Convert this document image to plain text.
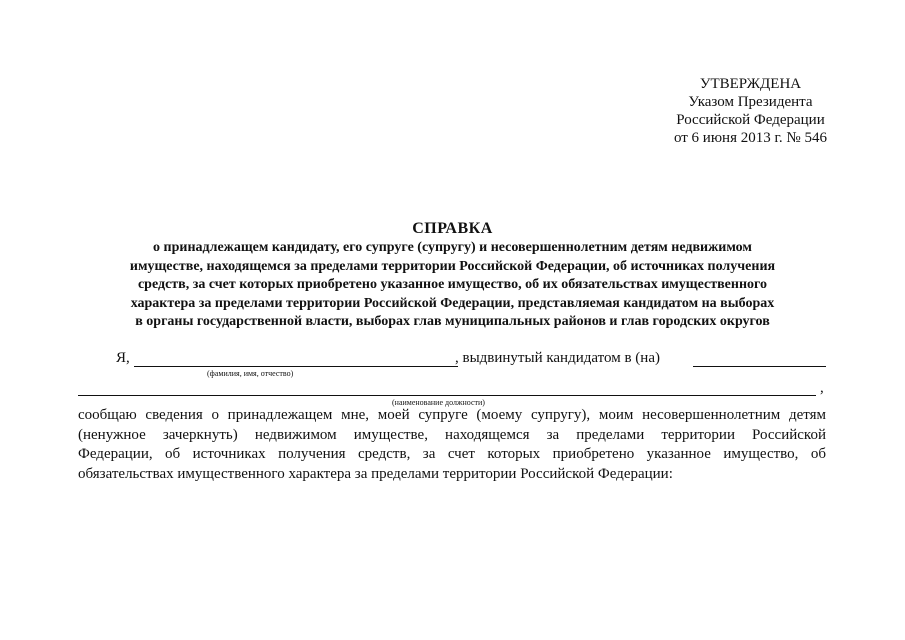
УТВЕРЖДЕНА
Указом Президента
Российской Федерации
от 6 июня 2013 г. № 546
СПРАВКА
о принадлежащем кандидату, его супруге (супругу) и несовершеннолетним детям недвижимом
имуществе, находящемся за пределами территории Российской Федерации, об источниках получения
средств, за счет которых приобретено указанное имущество, об их обязательствах имущественного
характера за пределами территории Российской Федерации, представляемая кандидатом на выборах
в органы государственной власти, выборах глав муниципальных районов и глав городских округов
Я,	, выдвинутый кандидатом в (на)
(фамилия, имя, отчество)
,
(наименование должности)
сообщаю сведения о принадлежащем мне, моей супруге (моему супругу), моим несовершеннолетним детям
(ненужное зачеркнуть) недвижимом имуществе, находящемся за пределами территории Российской
Федерации, об источниках получения средств, за счет которых приобретено указанное имущество, об
обязательствах имущественного характера за пределами территории Российской Федерации:
